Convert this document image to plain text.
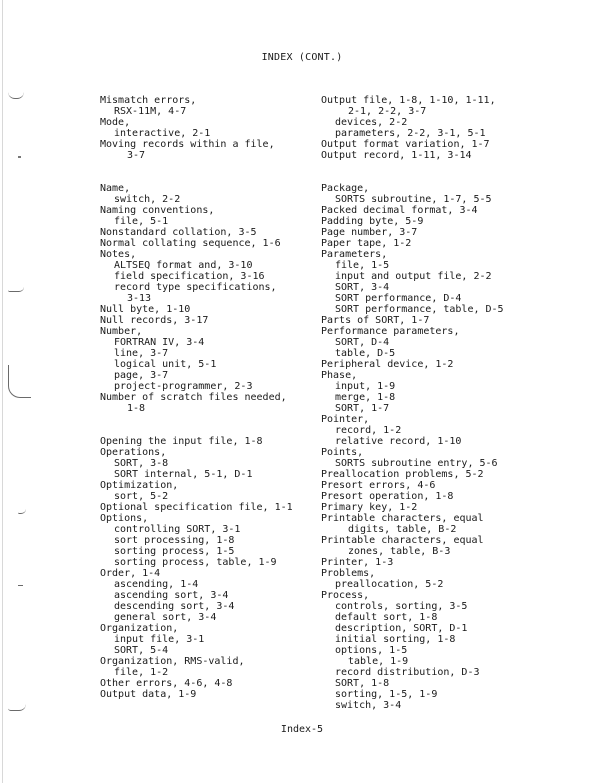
INDEX (CONT.)
Mismatch errors,
RSX-11M, 4-7
Mode,
interactive, 2-1
Moving records within a file,
3-7
Name,
switch, 2-2
Naming conventions,
file, 5-1
Nonstandard collation, 3-5
Normal collating sequence, 1-6
Notes,
ALTSEQ format and, 3-10
field specification, 3-16
record type specifications,
3-13
Null byte, 1-10
Null records, 3-17
Number,
FORTRAN IV, 3-4
line, 3-7
logical unit, 5-1
page, 3-7
project-programmer, 2-3
Number of scratch files needed,
1-8
Opening the input file, 1-8
Operations,
SORT, 3-8
SORT internal, 5-1, D-1
Optimization,
sort, 5-2
Optional specification file, 1-1
Options,
controlling SORT, 3-1
sort processing, 1-8
sorting process, 1-5
sorting process, table, 1-9
Order, 1-4
ascending, 1-4
ascending sort, 3-4
descending sort, 3-4
general sort, 3-4
Organization,
input file, 3-1
SORT, 5-4
Organization, RMS-valid,
file, 1-2
Other errors, 4-6, 4-8
Output data, 1-9
Output file, 1-8, 1-10, 1-11,
2-1, 2-2, 3-7
devices, 2-2
parameters, 2-2, 3-1, 5-1
Output format variation, 1-7
Output record, 1-11, 3-14
Package,
SORTS subroutine, 1-7, 5-5
Packed decimal format, 3-4
Padding byte, 5-9
Page number, 3-7
Paper tape, 1-2
Parameters,
file, 1-5
input and output file, 2-2
SORT, 3-4
SORT performance, D-4
SORT performance, table, D-5
Parts of SORT, 1-7
Performance parameters,
SORT, D-4
table, D-5
Peripheral device, 1-2
Phase,
input, 1-9
merge, 1-8
SORT, 1-7
Pointer,
record, 1-2
relative record, 1-10
Points,
SORTS subroutine entry, 5-6
Preallocation problems, 5-2
Presort errors, 4-6
Presort operation, 1-8
Primary key, 1-2
Printable characters, equal
digits, table, B-2
Printable characters, equal
zones, table, B-3
Printer, 1-3
Problems,
preallocation, 5-2
Process,
controls, sorting, 3-5
default sort, 1-8
description, SORT, D-1
initial sorting, 1-8
options, 1-5
table, 1-9
record distribution, D-3
SORT, 1-8
sorting, 1-5, 1-9
switch, 3-4
Index-5
